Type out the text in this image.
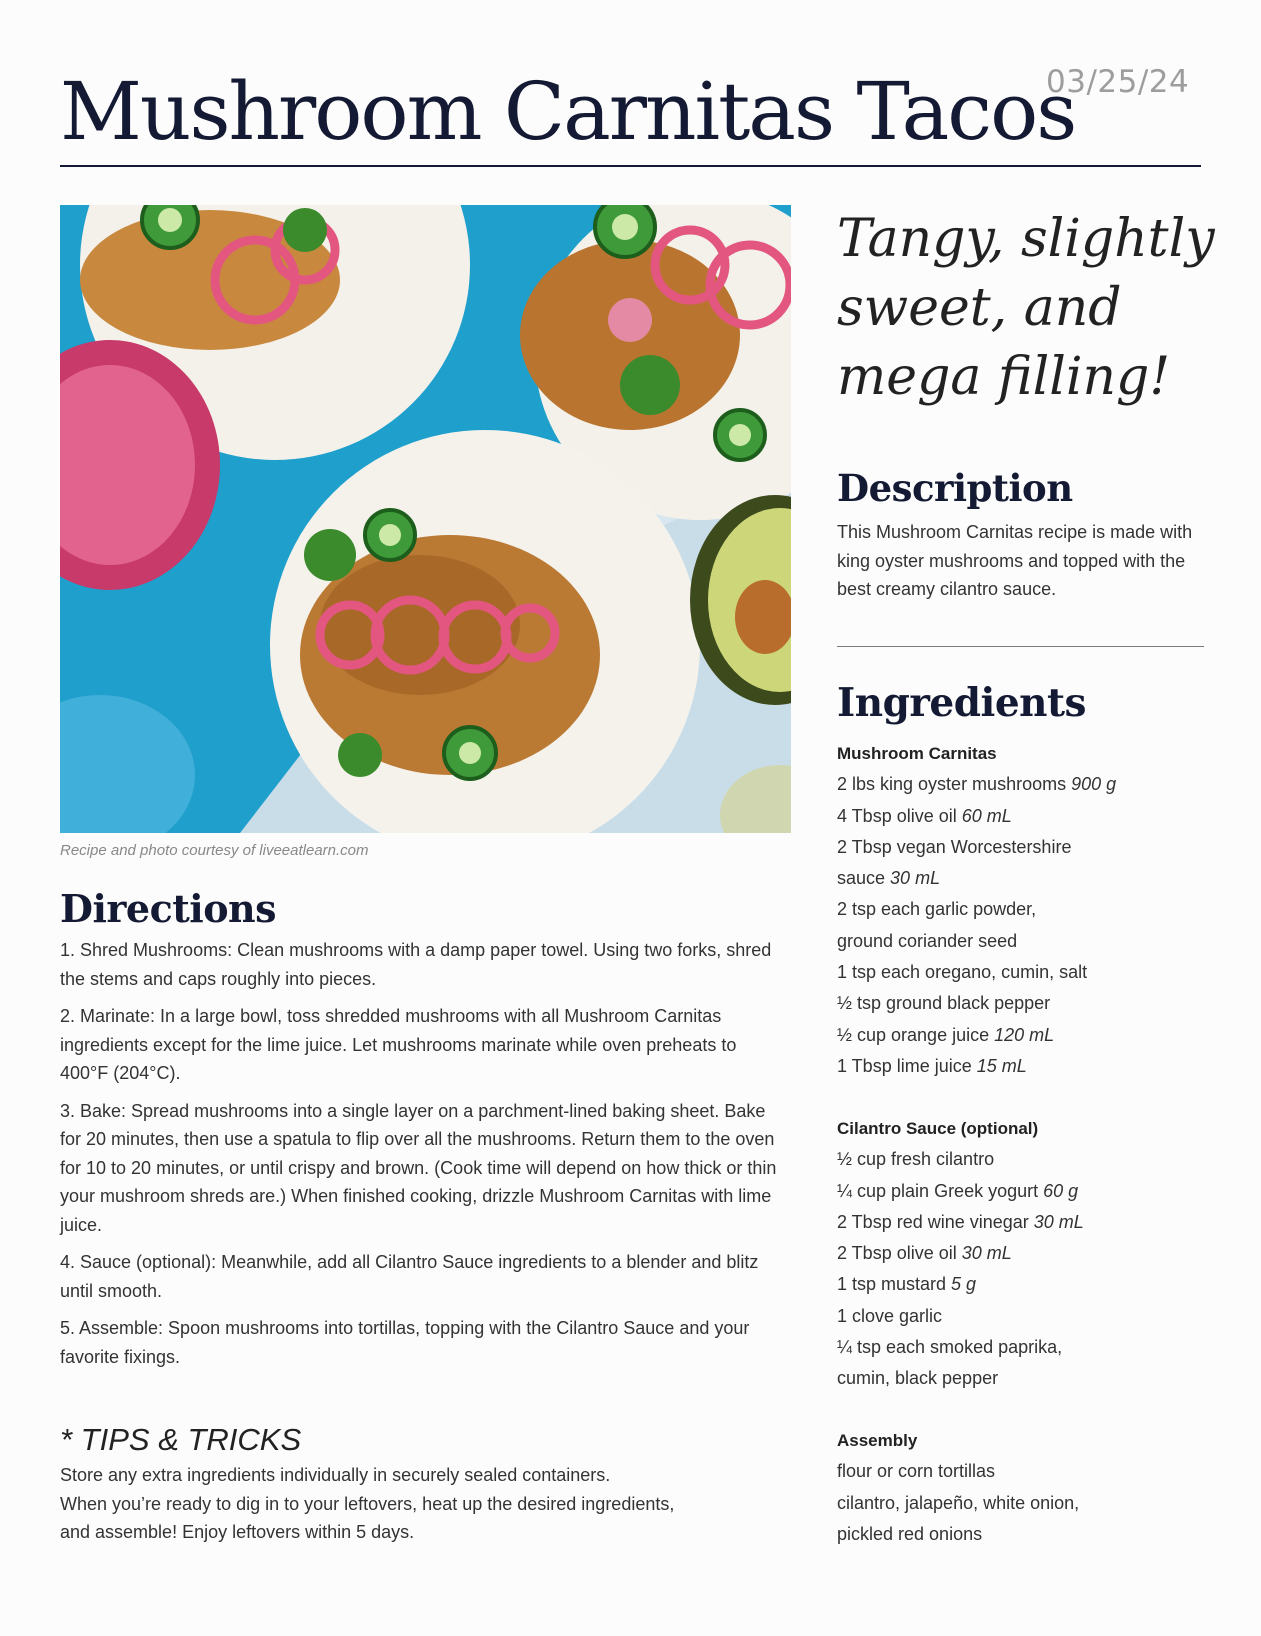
03/25/24
Mushroom Carnitas Tacos
Recipe and photo courtesy of liveeatlearn.com
Tangy, slightly sweet, and mega filling!
Description

This Mushroom Carnitas recipe is made with king oyster mushrooms and topped with the best creamy cilantro sauce.

Ingredients
Mushroom Carnitas
2 lbs king oyster mushrooms 900 g
4 Tbsp olive oil 60 mL
2 Tbsp vegan Worcestershire
sauce 30 mL
2 tsp each garlic powder,
ground coriander seed
1 tsp each oregano, cumin, salt
½ tsp ground black pepper
½ cup orange juice 120 mL
1 Tbsp lime juice 15 mL
Cilantro Sauce (optional)
½ cup fresh cilantro
¼ cup plain Greek yogurt 60 g
2 Tbsp red wine vinegar 30 mL
2 Tbsp olive oil 30 mL
1 tsp mustard 5 g
1 clove garlic
¼ tsp each smoked paprika,
cumin, black pepper
Assembly
flour or corn tortillas
cilantro, jalapeño, white onion,
pickled red onions
Directions

1. Shred Mushrooms: Clean mushrooms with a damp paper towel. Using two forks, shred the stems and caps roughly into pieces.

2. Marinate: In a large bowl, toss shredded mushrooms with all Mushroom Carnitas ingredients except for the lime juice. Let mushrooms marinate while oven preheats to 400°F (204°C).

3. Bake: Spread mushrooms into a single layer on a parchment-lined baking sheet. Bake for 20 minutes, then use a spatula to flip over all the mushrooms. Return them to the oven for 10 to 20 minutes, or until crispy and brown. (Cook time will depend on how thick or thin your mushroom shreds are.) When finished cooking, drizzle Mushroom Carnitas with lime juice.

4. Sauce (optional): Meanwhile, add all Cilantro Sauce ingredients to a blender and blitz until smooth.

5. Assemble: Spoon mushrooms into tortillas, topping with the Cilantro Sauce and your favorite fixings.

* TIPS & TRICKS
Store any extra ingredients individually in securely sealed containers.
When you’re ready to dig in to your leftovers, heat up the desired ingredients,
and assemble! Enjoy leftovers within 5 days.
